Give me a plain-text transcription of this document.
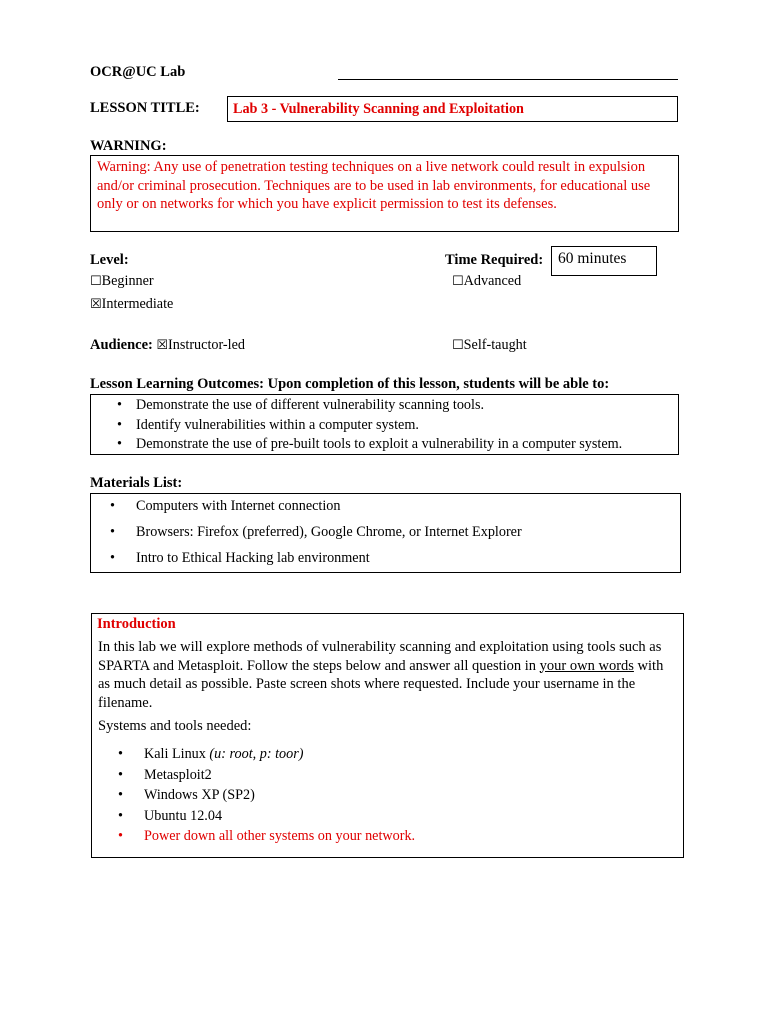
OCR@UC Lab
LESSON TITLE: Lab 3 - Vulnerability Scanning and Exploitation
WARNING:
Warning: Any use of penetration testing techniques on a live network could result in expulsion and/or criminal prosecution. Techniques are to be used in lab environments, for educational use only or on networks for which you have explicit permission to test its defenses.
Level:
☐Beginner
☒Intermediate
☐Advanced
Time Required: 60 minutes
Audience: ☒Instructor-led	☐Self-taught
Lesson Learning Outcomes: Upon completion of this lesson, students will be able to:
• Demonstrate the use of different vulnerability scanning tools.
• Identify vulnerabilities within a computer system.
• Demonstrate the use of pre-built tools to exploit a vulnerability in a computer system.
Materials List:
• Computers with Internet connection
• Browsers: Firefox (preferred), Google Chrome, or Internet Explorer
• Intro to Ethical Hacking lab environment
Introduction
In this lab we will explore methods of vulnerability scanning and exploitation using tools such as SPARTA and Metasploit. Follow the steps below and answer all question in your own words with as much detail as possible. Paste screen shots where requested. Include your username in the filename.
Systems and tools needed:
• Kali Linux (u: root, p: toor)
• Metasploit2
• Windows XP (SP2)
• Ubuntu 12.04
• Power down all other systems on your network.
